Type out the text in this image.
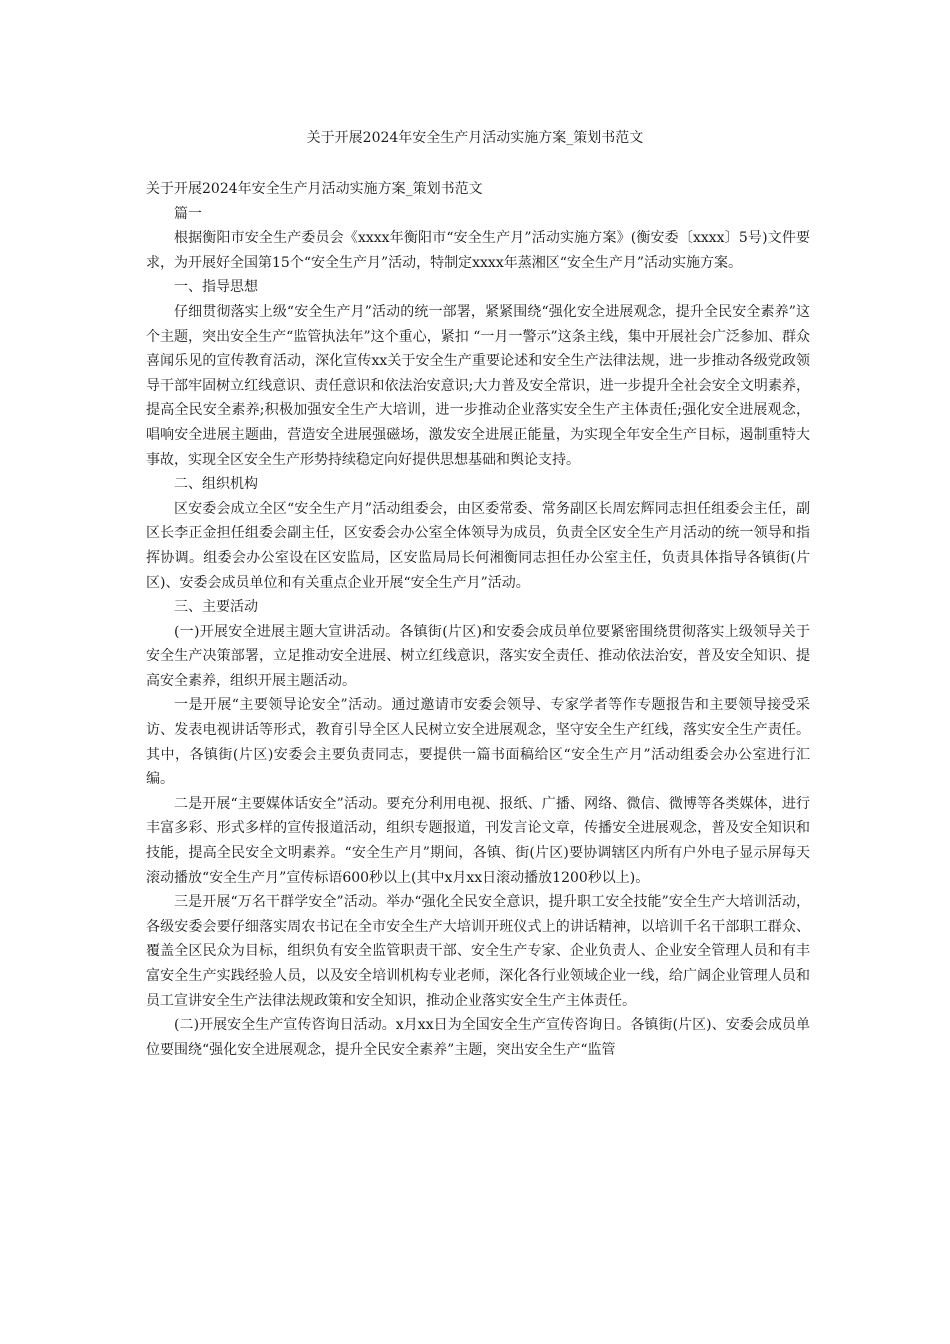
关于开展2024年安全生产月活动实施方案_策划书范文

关于开展2024年安全生产月活动实施方案_策划书范文

篇一

根据衡阳市安全生产委员会《xxxx年衡阳市“安全生产月”活动实施方案》(衡安委〔xxxx〕5号)文件要求，为开展好全国第15个“安全生产月”活动，特制定xxxx年蒸湘区“安全生产月”活动实施方案。

一、指导思想

仔细贯彻落实上级“安全生产月”活动的统一部署，紧紧围绕“强化安全进展观念，提升全民安全素养”这个主题，突出安全生产“监管执法年”这个重心，紧扣 “一月一警示”这条主线，集中开展社会广泛参加、群众喜闻乐见的宣传教育活动，深化宣传xx关于安全生产重要论述和安全生产法律法规，进一步推动各级党政领导干部牢固树立红线意识、责任意识和依法治安意识;大力普及安全常识，进一步提升全社会安全文明素养，提高全民安全素养;积极加强安全生产大培训，进一步推动企业落实安全生产主体责任;强化安全进展观念，唱响安全进展主题曲，营造安全进展强磁场，激发安全进展正能量，为实现全年安全生产目标，遏制重特大事故，实现全区安全生产形势持续稳定向好提供思想基础和舆论支持。

二、组织机构

区安委会成立全区“安全生产月”活动组委会，由区委常委、常务副区长周宏辉同志担任组委会主任，副区长李正金担任组委会副主任，区安委会办公室全体领导为成员，负责全区安全生产月活动的统一领导和指挥协调。组委会办公室设在区安监局，区安监局局长何湘衡同志担任办公室主任，负责具体指导各镇街(片区)、安委会成员单位和有关重点企业开展“安全生产月”活动。

三、主要活动

(一)开展安全进展主题大宣讲活动。各镇街(片区)和安委会成员单位要紧密围绕贯彻落实上级领导关于安全生产决策部署，立足推动安全进展、树立红线意识，落实安全责任、推动依法治安，普及安全知识、提高安全素养，组织开展主题活动。

一是开展“主要领导论安全”活动。通过邀请市安委会领导、专家学者等作专题报告和主要领导接受采访、发表电视讲话等形式，教育引导全区人民树立安全进展观念，坚守安全生产红线，落实安全生产责任。其中，各镇街(片区)安委会主要负责同志，要提供一篇书面稿给区“安全生产月”活动组委会办公室进行汇编。

二是开展“主要媒体话安全”活动。要充分利用电视、报纸、广播、网络、微信、微博等各类媒体，进行丰富多彩、形式多样的宣传报道活动，组织专题报道，刊发言论文章，传播安全进展观念，普及安全知识和技能，提高全民安全文明素养。“安全生产月”期间，各镇、街(片区)要协调辖区内所有户外电子显示屏每天滚动播放“安全生产月”宣传标语600秒以上(其中x月xx日滚动播放1200秒以上)。

三是开展“万名干群学安全”活动。举办“强化全民安全意识，提升职工安全技能”安全生产大培训活动，各级安委会要仔细落实周农书记在全市安全生产大培训开班仪式上的讲话精神，以培训千名干部职工群众、覆盖全区民众为目标，组织负有安全监管职责干部、安全生产专家、企业负责人、企业安全管理人员和有丰富安全生产实践经验人员，以及安全培训机构专业老师，深化各行业领域企业一线，给广阔企业管理人员和员工宣讲安全生产法律法规政策和安全知识，推动企业落实安全生产主体责任。

(二)开展安全生产宣传咨询日活动。x月xx日为全国安全生产宣传咨询日。各镇街(片区)、安委会成员单位要围绕“强化安全进展观念，提升全民安全素养”主题，突出安全生产“监管
